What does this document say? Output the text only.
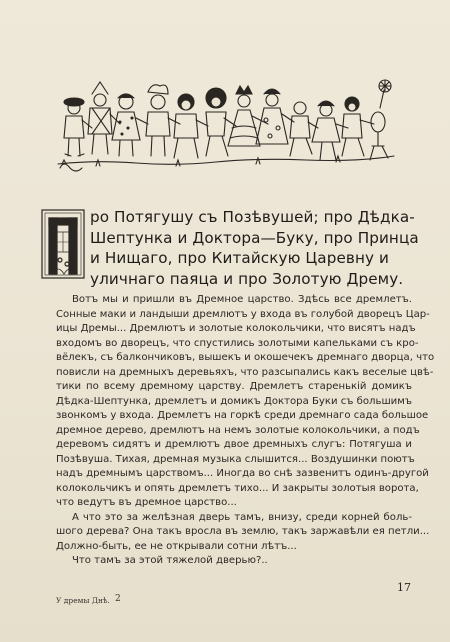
ро Потягушу съ Позѣвушей; про Дѣдка-
Шептунка и Доктора—Буку, про Принца
и Нищаго, про Китайскую Царевну и
уличнаго паяца и про Золотую Дрему.
Вотъ мы и пришли въ Дремное царство. Здѣсь все дремлетъ.
Сонные маки и ландыши дремлютъ у входа въ голубой дворецъ Цар-
ицы Дремы... Дремлютъ и золотые колокольчики, что висятъ надъ
входомъ во дворецъ, что спустились золотыми капельками съ кро-
вёлекъ, съ балкончиковъ, вышекъ и окошечекъ дремнаго дворца, что
повисли на дремныхъ деревьяхъ, что разсыпались какъ веселые цвѣ-
тики по всему дремному царству. Дремлетъ старенькій домикъ
Дѣдка-Шептунка, дремлетъ и домикъ Доктора Буки съ большимъ
звонкомъ у входа. Дремлетъ на горкѣ среди дремнаго сада большое
дремное дерево, дремлютъ на немъ золотые колокольчики, а подъ
деревомъ сидятъ и дремлютъ двое дремныхъ слугъ: Потягуша и
Позѣвуша. Тихая, дремная музыка слышится... Воздушинки поютъ
надъ дремнымъ царствомъ... Иногда во снѣ зазвенитъ одинъ-другой
колокольчикъ и опять дремлетъ тихо... И закрыты золотыя ворота,
что ведутъ въ дремное царство...
А что это за желѣзная дверь тамъ, внизу, среди корней боль-
шого дерева? Она такъ вросла въ землю, такъ заржавѣли ея петли...
Должно-быть, ее не открывали сотни лѣтъ...
Что тамъ за этой тяжелой дверью?..
У дремы Днѣ. 2
17
